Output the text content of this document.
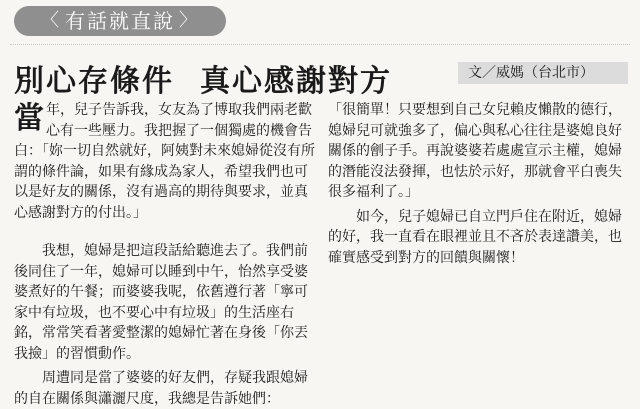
〈 有話就直說 〉
別心存條件 真心感謝對方	文／威媽（台北市）

當年，兒子告訴我，女友為了博取我們兩老歡心有一些壓力。我把握了一個獨處的機會告白：「妳一切自然就好，阿姨對未來媳婦從沒有所謂的條件論，如果有緣成為家人，希望我們也可以是好友的關係，沒有過高的期待與要求，並真心感謝對方的付出。」

我想，媳婦是把這段話給聽進去了。我們前後同住了一年，媳婦可以睡到中午，怡然享受婆婆煮好的午餐；而婆婆我呢，依舊遵行著「寧可家中有垃圾，也不要心中有垃圾」的生活座右銘，常常笑看著愛整潔的媳婦忙著在身後「你丟我撿」的習慣動作。

周遭同是當了婆婆的好友們，存疑我跟媳婦的自在關係與瀟灑尺度，我總是告訴她們：

「很簡單！只要想到自己女兒賴皮懶散的德行，媳婦兒可就強多了，偏心與私心往往是婆媳良好關係的劊子手。再說婆婆若處處宣示主權，媳婦的潛能沒法發揮，也怯於示好，那就會平白喪失很多福利了。」

如今，兒子媳婦已自立門戶住在附近，媳婦的好，我一直看在眼裡並且不吝於表達讚美，也確實感受到對方的回饋與關懷！
